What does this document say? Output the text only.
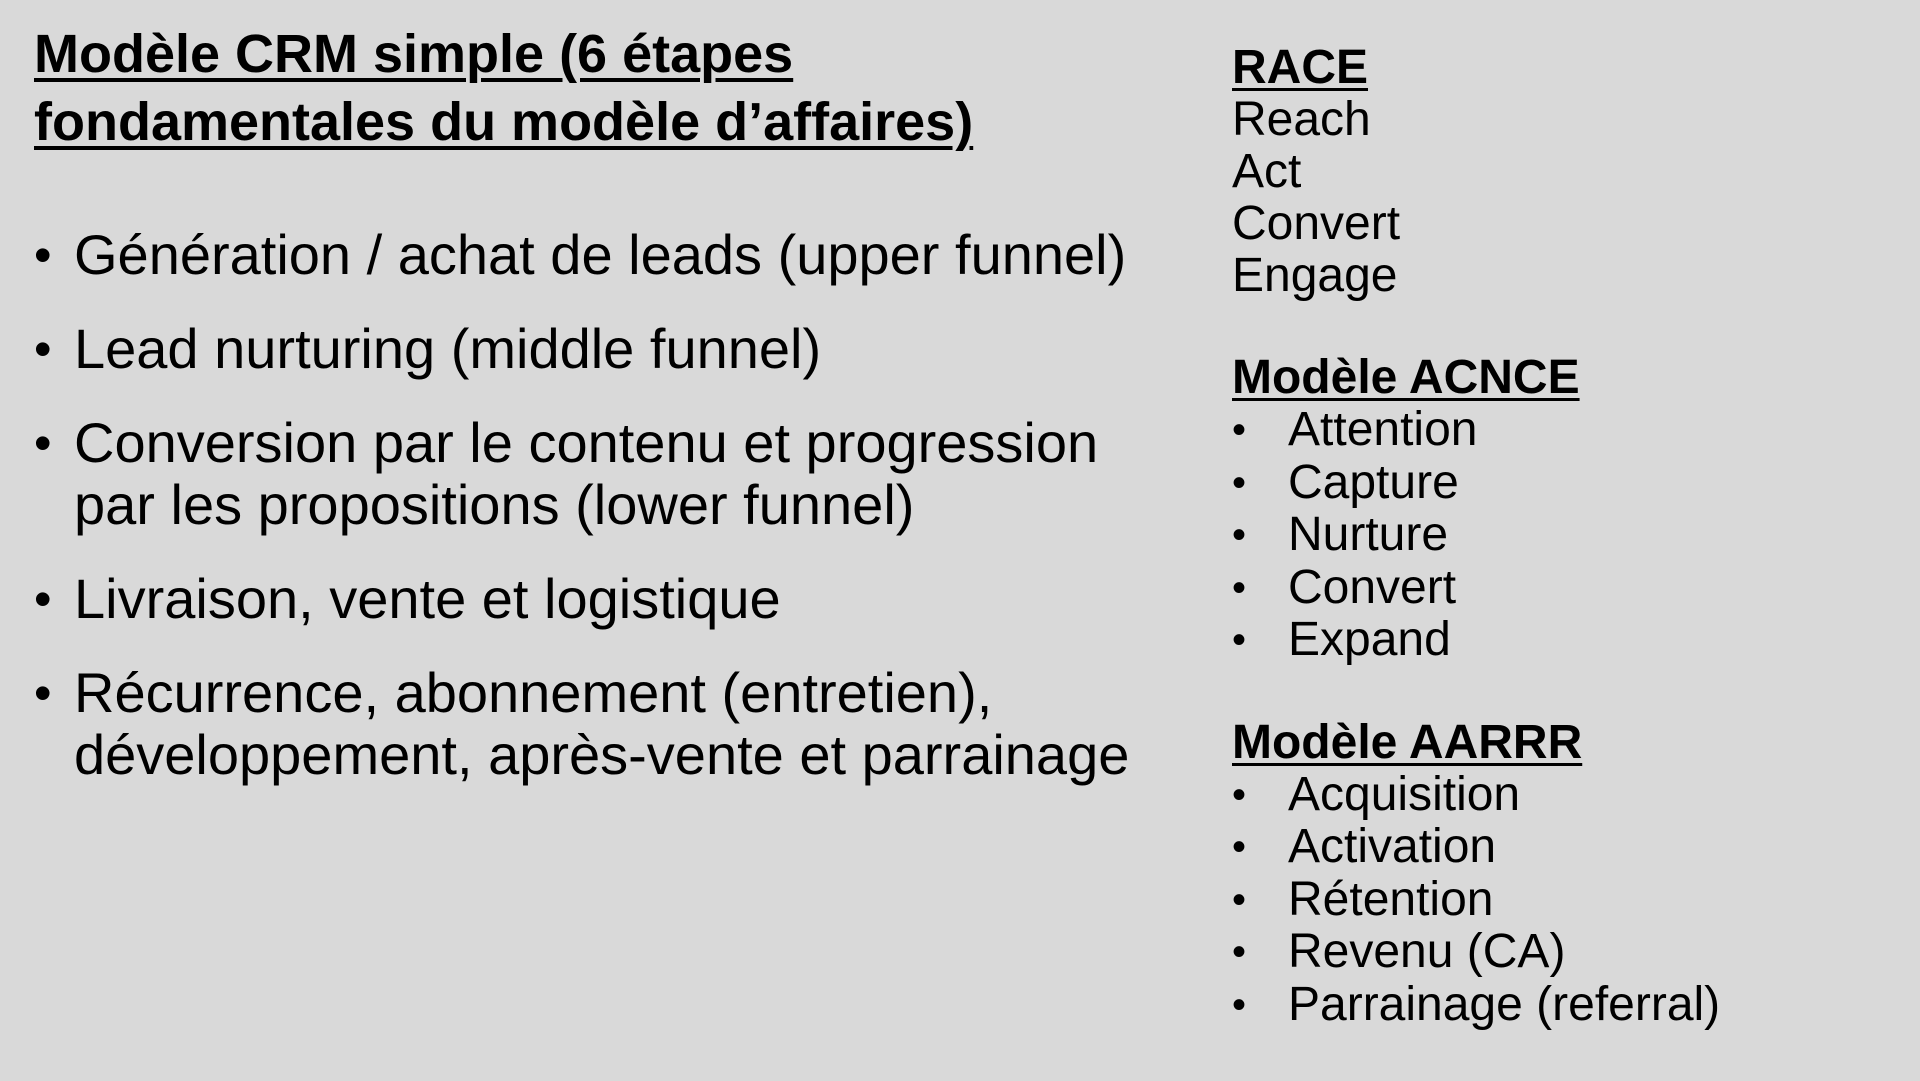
Modèle CRM simple (6 étapes fondamentales du modèle d’affaires)
• Génération / achat de leads (upper funnel)
• Lead nurturing (middle funnel)
• Conversion par le contenu et progression par les propositions (lower funnel)
• Livraison, vente et logistique
• Récurrence, abonnement (entretien), développement, après-vente et parrainage
RACE
Reach
Act
Convert
Engage
Modèle ACNCE
• Attention
• Capture
• Nurture
• Convert
• Expand
Modèle AARRR
• Acquisition
• Activation
• Rétention
• Revenu (CA)
• Parrainage (referral)
